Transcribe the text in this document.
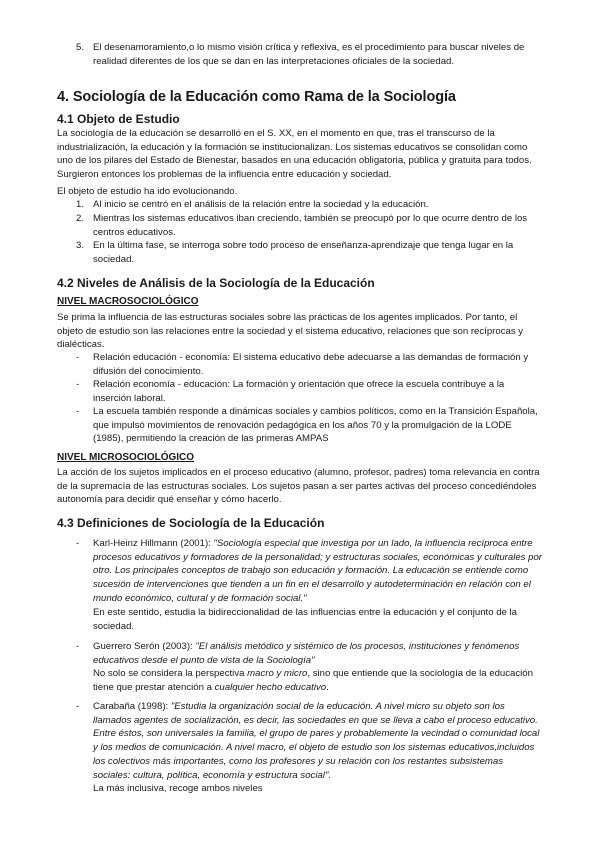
5. El desenamoramiento,o lo mismo visión crítica y reflexiva, es el procedimiento para buscar niveles de realidad diferentes de los que se dan en las interpretaciones oficiales de la sociedad.

4. Sociología de la Educación como Rama de la Sociología
4.1 Objeto de Estudio

La sociología de la educación se desarrolló en el S. XX, en el momento en que, tras el transcurso de la industrialización, la educación y la formación se institucionalizan. Los sistemas educativos se consolidan como uno de los pilares del Estado de Bienestar, basados en una educación obligatoria, pública y gratuita para todos. Surgieron entonces los problemas de la influencia entre educación y sociedad.

El objeto de estudio ha ido evolucionando.

1. Al inicio se centró en el análisis de la relación entre la sociedad y la educación.

2. Mientras los sistemas educativos iban creciendo, también se preocupó por lo que ocurre dentro de los centros educativos.

3. En la última fase, se interroga sobre todo proceso de enseñanza-aprendizaje que tenga lugar en la sociedad.

4.2 Niveles de Análisis de la Sociología de la Educación
NIVEL MACROSOCIOLÓGICO

Se prima la influencia de las estructuras sociales sobre las prácticas de los agentes implicados. Por tanto, el objeto de estudio son las relaciones entre la sociedad y el sistema educativo, relaciones que son recíprocas y dialécticas.

- Relación educación - economía: El sistema educativo debe adecuarse a las demandas de formación y difusión del conocimiento.

- Relación economía - educación: La formación y orientación que ofrece la escuela contribuye a la inserción laboral.

- La escuela también responde a dinámicas sociales y cambios políticos, como en la Transición Española, que impulsó movimientos de renovación pedagógica en los años 70 y la promulgación de la LODE (1985), permitiendo la creación de las primeras AMPAS

NIVEL MICROSOCIOLÓGICO

La acción de los sujetos implicados en el proceso educativo (alumno, profesor, padres) toma relevancia en contra de la supremacía de las estructuras sociales. Los sujetos pasan a ser partes activas del proceso concediéndoles autonomía para decidir qué enseñar y cómo hacerlo.

4.3 Definiciones de Sociología de la Educación
- Karl-Heinz Hillmann (2001): "Sociología especial que investiga por un lado, la influencia recíproca entre procesos educativos y formadores de la personalidad; y estructuras sociales, económicas y culturales por otro. Los principales conceptos de trabajo son educación y formación. La educación se entiende como sucesión de intervenciones que tienden a un fin en el desarrollo y autodeterminación en relación con el mundo económico, cultural y de formación social."

En este sentido, estudia la bidireccionalidad de las influencias entre la educación y el conjunto de la sociedad.

- Guerrero Serón (2003): "El análisis metódico y sistémico de los procesos, instituciones y fenómenos educativos desde el punto de vista de la Sociología"

No solo se considera la perspectiva macro y micro, sino que entiende que la sociología de la educación tiene que prestar atención a cualquier hecho educativo.

- Carabaña (1998): "Estudia la organización social de la educación. A nivel micro su objeto son los llamados agentes de socialización, es decir, las sociedades en que se lleva a cabo el proceso educativo. Entre éstos, son universales la familia, el grupo de pares y probablemente la vecindad o comunidad local y los medios de comunicación. A nivel macro, el objeto de estudio son los sistemas educativos,incluidos los colectivos más importantes, como los profesores y su relación con los restantes subsistemas sociales: cultura, política, economía y estructura social".

La más inclusiva, recoge ambos niveles
